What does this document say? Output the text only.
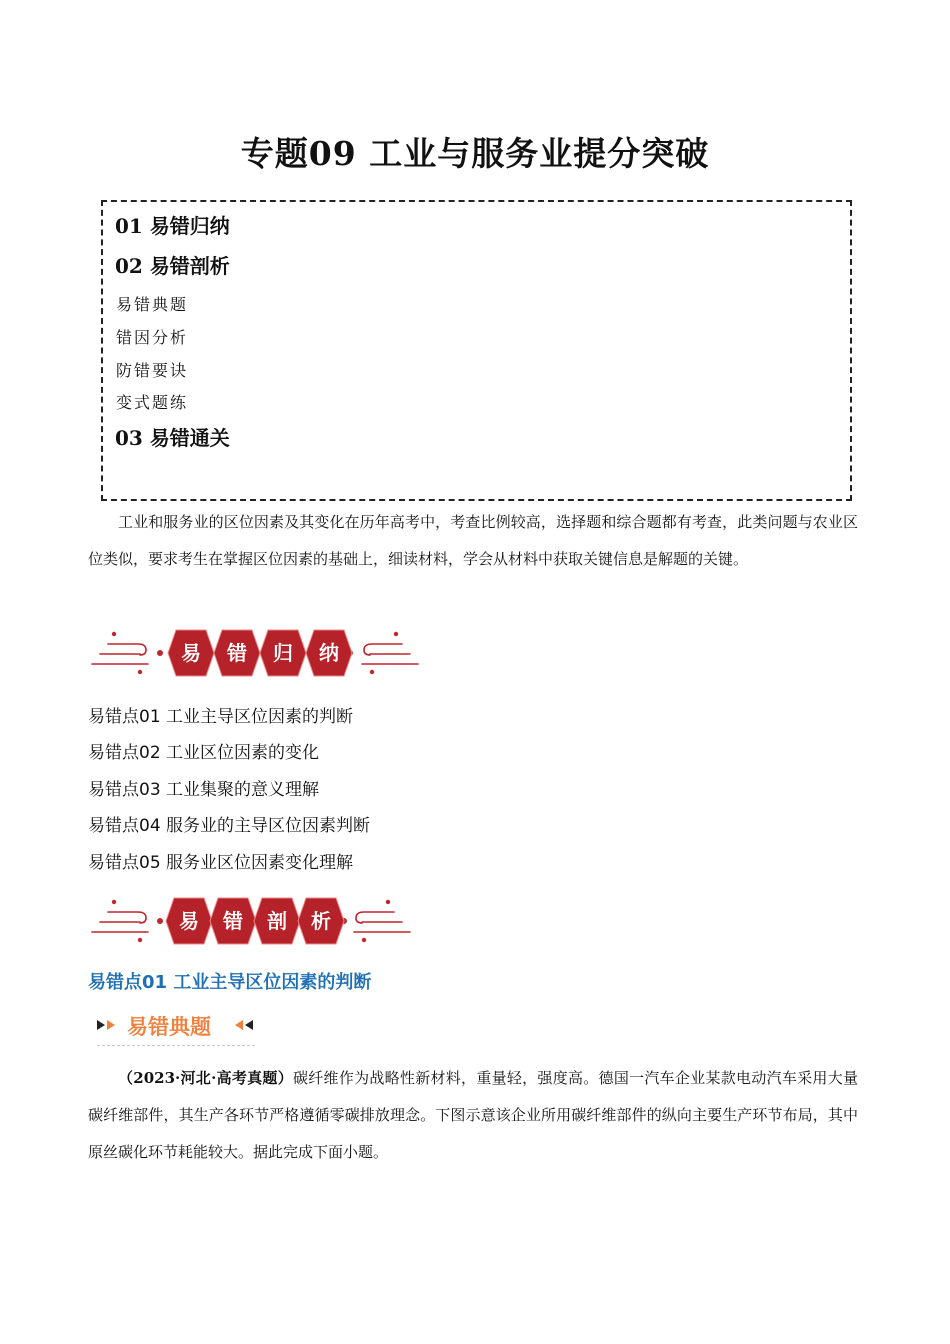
专题09 工业与服务业提分突破
01 易错归纳
02 易错剖析
易错典题
错因分析
防错要诀
变式题练
03 易错通关

工业和服务业的区位因素及其变化在历年高考中，考查比例较高，选择题和综合题都有考查，此类问题与农业区位类似，要求考生在掌握区位因素的基础上，细读材料，学会从材料中获取关键信息是解题的关键。

易 错 归 纳
易错点01 工业主导区位因素的判断
易错点02 工业区位因素的变化
易错点03 工业集聚的意义理解
易错点04 服务业的主导区位因素判断
易错点05 服务业区位因素变化理解
易 错 剖 析
易错点01 工业主导区位因素的判断
易错典题

（2023·河北·高考真题）碳纤维作为战略性新材料，重量轻，强度高。德国一汽车企业某款电动汽车采用大量碳纤维部件，其生产各环节严格遵循零碳排放理念。下图示意该企业所用碳纤维部件的纵向主要生产环节布局，其中原丝碳化环节耗能较大。据此完成下面小题。
